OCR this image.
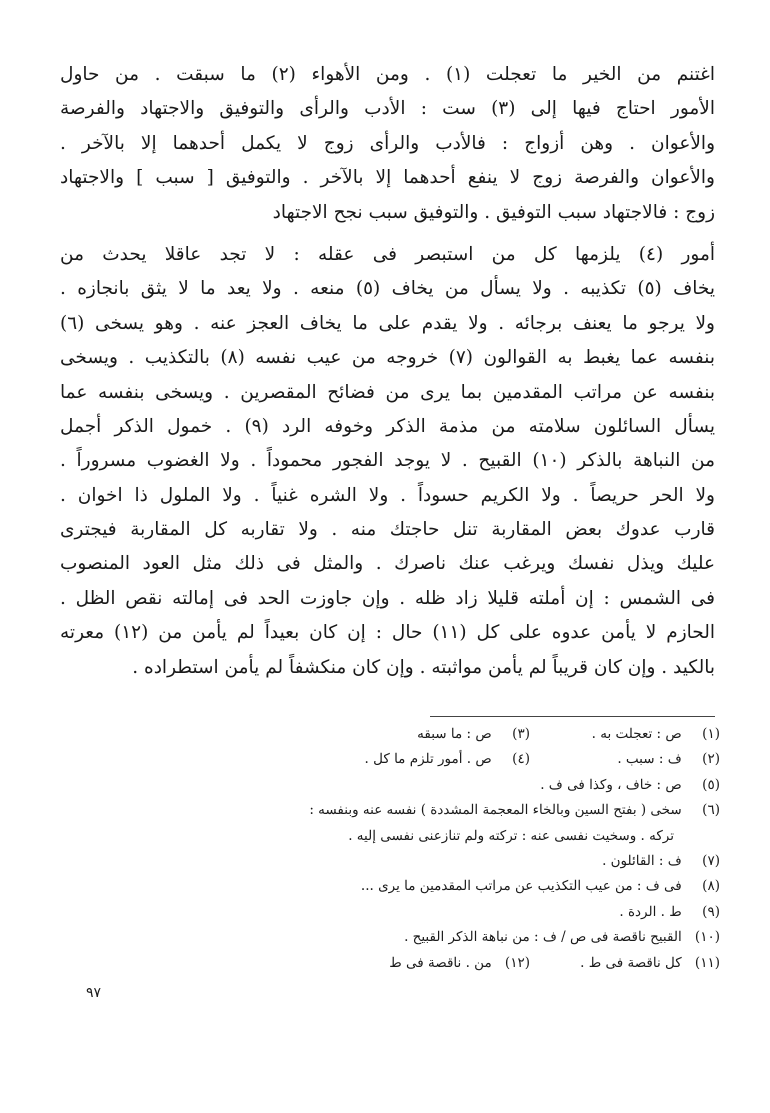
اغتنم من الخير ما تعجلت (١) . ومن الأهواء (٢) ما سبقت . من حاول
الأمور احتاج فيها إلى (٣) ست : الأدب والرأى والتوفيق والاجتهاد والفرصة
والأعوان . وهن أزواج : فالأدب والرأى زوج لا يكمل أحدهما إلا بالآخر .
والأعوان والفرصة زوج لا ينفع أحدهما إلا بالآخر . والتوفيق [ سبب ] والاجتهاد
زوج : فالاجتهاد سبب التوفيق . والتوفيق سبب نجح الاجتهاد
أمور (٤) يلزمها كل من استبصر فى عقله : لا تجد عاقلا يحدث من
يخاف (٥) تكذيبه . ولا يسأل من يخاف (٥) منعه . ولا يعد ما لا يثق بانجازه .
ولا يرجو ما يعنف برجائه . ولا يقدم على ما يخاف العجز عنه . وهو يسخى (٦)
بنفسه عما يغبط به القوالون (٧) خروجه من عيب نفسه (٨) بالتكذيب . ويسخى
بنفسه عن مراتب المقدمين بما يرى من فضائح المقصرين . ويسخى بنفسه عما
يسأل السائلون سلامته من مذمة الذكر وخوفه الرد (٩) . خمول الذكر أجمل
من النباهة بالذكر (١٠) القبيح . لا يوجد الفجور محموداً . ولا الغضوب مسروراً .
ولا الحر حريصاً . ولا الكريم حسوداً . ولا الشره غنياً . ولا الملول ذا اخوان .
قارب عدوك بعض المقاربة تنل حاجتك منه . ولا تقاربه كل المقاربة فيجترى
عليك ويذل نفسك ويرغب عنك ناصرك . والمثل فى ذلك مثل العود المنصوب
فى الشمس : إن أملته قليلا زاد ظله . وإن جاوزت الحد فى إمالته نقص الظل .
الحازم لا يأمن عدوه على كل (١١) حال : إن كان بعيداً لم يأمن من (١٢) معرته
بالكيد . وإن كان قريباً لم يأمن مواثبته . وإن كان منكشفاً لم يأمن استطراده .
(١) ص : تعجلت به .
(٣) ص : ما سبقه
(٢) ف : سبب .
(٤) ص . أمور تلزم ما كل .
(٥) ص : خاف ، وكذا فى ف .
(٦) سخى ( بفتح السين وبالخاء المعجمة المشددة ) نفسه عنه وبنفسه :
تركه . وسخيت نفسى عنه : تركته ولم تنازعنى نفسى إليه .
(٧) ف : القائلون .
(٨) فى ف : من عيب التكذيب عن مراتب المقدمين ما يرى ...
(٩) ط . الردة .
(١٠) القبيح ناقصة فى ص / ف : من نباهة الذكر القبيح .
(١١) كل ناقصة فى ط .
(١٢) من . ناقصة فى ط
٩٧
